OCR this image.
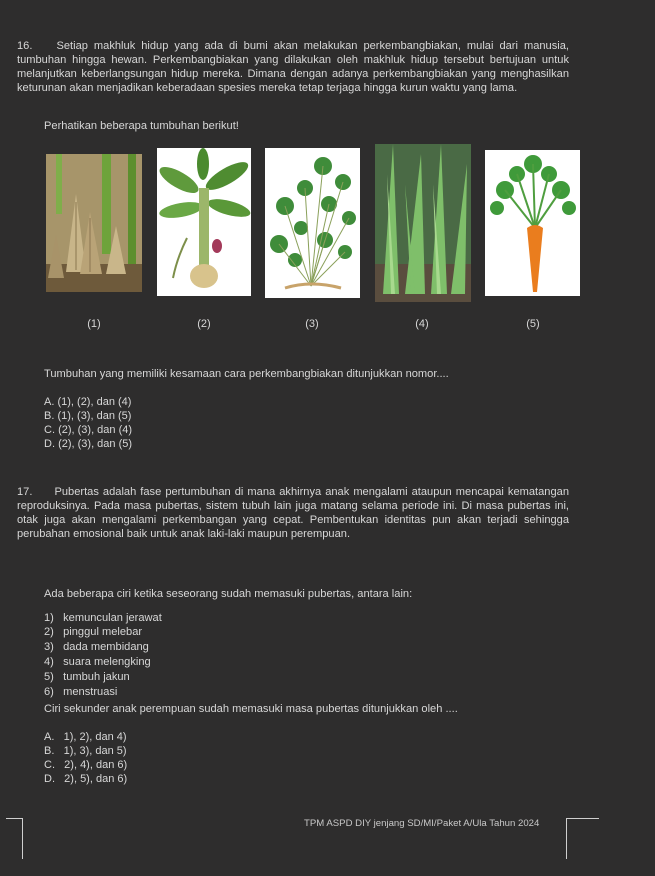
16. Setiap makhluk hidup yang ada di bumi akan melakukan perkembangbiakan, mulai dari manusia, tumbuhan hingga hewan. Perkembangbiakan yang dilakukan oleh makhluk hidup tersebut bertujuan untuk melanjutkan keberlangsungan hidup mereka. Dimana dengan adanya perkembangbiakan yang menghasilkan keturunan akan menjadikan keberadaan spesies mereka tetap terjaga hingga kurun waktu yang lama.
Perhatikan beberapa tumbuhan berikut!
(1)	(2)	(3)	(4)	(5)
Tumbuhan yang memiliki kesamaan cara perkembangbiakan ditunjukkan nomor....
A. (1), (2), dan (4)
B. (1), (3), dan (5)
C. (2), (3), dan (4)
D. (2), (3), dan (5)
17. Pubertas adalah fase pertumbuhan di mana akhirnya anak mengalami ataupun mencapai kematangan reproduksinya. Pada masa pubertas, sistem tubuh lain juga matang selama periode ini. Di masa pubertas ini, otak juga akan mengalami perkembangan yang cepat. Pembentukan identitas pun akan terjadi sehingga perubahan emosional baik untuk anak laki-laki maupun perempuan.
Ada beberapa ciri ketika seseorang sudah memasuki pubertas, antara lain:
1) kemunculan jerawat
2) pinggul melebar
3) dada membidang
4) suara melengking
5) tumbuh jakun
6) menstruasi
Ciri sekunder anak perempuan sudah memasuki masa pubertas ditunjukkan oleh ....
A. 1), 2), dan 4)
B. 1), 3), dan 5)
C. 2), 4), dan 6)
D. 2), 5), dan 6)
TPM ASPD DIY jenjang SD/MI/Paket A/Ula Tahun 2024
